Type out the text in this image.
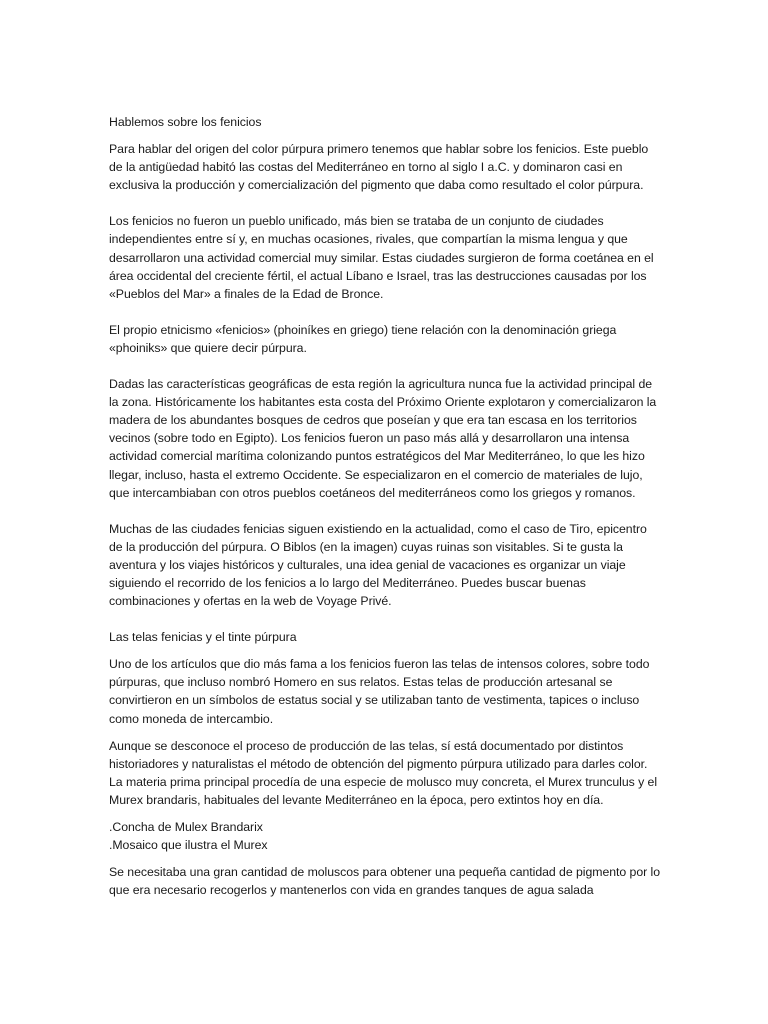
Hablemos sobre los fenicios

Para hablar del origen del color púrpura primero tenemos que hablar sobre los fenicios. Este pueblo de la antigüedad habitó las costas del Mediterráneo en torno al siglo I a.C. y dominaron casi en exclusiva la producción y comercialización del pigmento que daba como resultado el color púrpura.

Los fenicios no fueron un pueblo unificado, más bien se trataba de un conjunto de ciudades independientes entre sí y, en muchas ocasiones, rivales, que compartían la misma lengua y que desarrollaron una actividad comercial muy similar. Estas ciudades surgieron de forma coetánea en el área occidental del creciente fértil, el actual Líbano e Israel, tras las destrucciones causadas por los «Pueblos del Mar» a finales de la Edad de Bronce.

El propio etnicismo «fenicios» (phoiníkes en griego) tiene relación con la denominación griega «phoiniks» que quiere decir púrpura.

Dadas las características geográficas de esta región la agricultura nunca fue la actividad principal de la zona. Históricamente los habitantes esta costa del Próximo Oriente explotaron y comercializaron la madera de los abundantes bosques de cedros que poseían y que era tan escasa en los territorios vecinos (sobre todo en Egipto). Los fenicios fueron un paso más allá y desarrollaron una intensa actividad comercial marítima colonizando puntos estratégicos del Mar Mediterráneo, lo que les hizo llegar, incluso, hasta el extremo Occidente. Se especializaron en el comercio de materiales de lujo, que intercambiaban con otros pueblos coetáneos del mediterráneos como los griegos y romanos.

Muchas de las ciudades fenicias siguen existiendo en la actualidad, como el caso de Tiro, epicentro de la producción del púrpura. O Biblos (en la imagen) cuyas ruinas son visitables. Si te gusta la aventura y los viajes históricos y culturales, una idea genial de vacaciones es organizar un viaje siguiendo el recorrido de los fenicios a lo largo del Mediterráneo. Puedes buscar buenas combinaciones y ofertas en la web de Voyage Privé.

Las telas fenicias y el tinte púrpura

Uno de los artículos que dio más fama a los fenicios fueron las telas de intensos colores, sobre todo púrpuras, que incluso nombró Homero en sus relatos. Estas telas de producción artesanal se convirtieron en un símbolos de estatus social y se utilizaban tanto de vestimenta, tapices o incluso como moneda de intercambio.

Aunque se desconoce el proceso de producción de las telas, sí está documentado por distintos historiadores y naturalistas el método de obtención del pigmento púrpura utilizado para darles color. La materia prima principal procedía de una especie de molusco muy concreta, el Murex trunculus y el Murex brandaris, habituales del levante Mediterráneo en la época, pero extintos hoy en día.

.Concha de Mulex Brandarix

.Mosaico que ilustra el Murex

Se necesitaba una gran cantidad de moluscos para obtener una pequeña cantidad de pigmento por lo que era necesario recogerlos y mantenerlos con vida en grandes tanques de agua salada
